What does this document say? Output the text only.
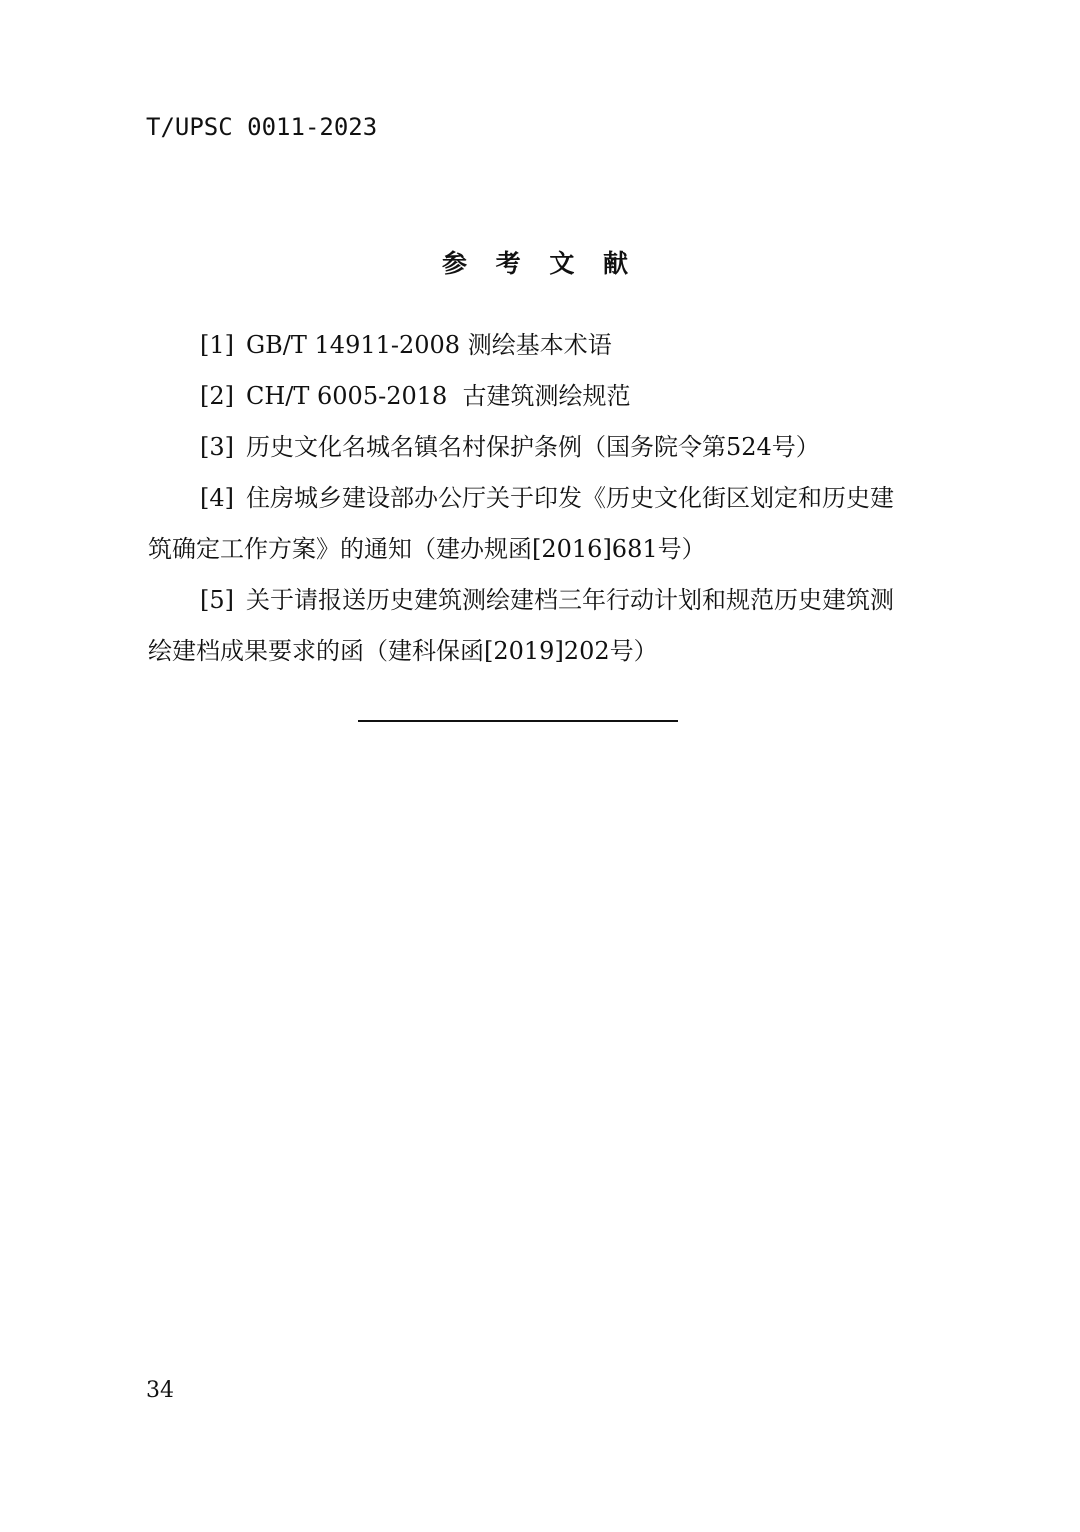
T/UPSC 0011-2023
参 考 文 献

[1] GB/T 14911-2008 测绘基本术语

[2] CH/T 6005-2018  古建筑测绘规范

[3] 历史文化名城名镇名村保护条例（国务院令第524号）

[4] 住房城乡建设部办公厅关于印发《历史文化街区划定和历史建筑确定工作方案》的通知（建办规函[2016]681号）

[5] 关于请报送历史建筑测绘建档三年行动计划和规范历史建筑测绘建档成果要求的函（建科保函[2019]202号）

34
